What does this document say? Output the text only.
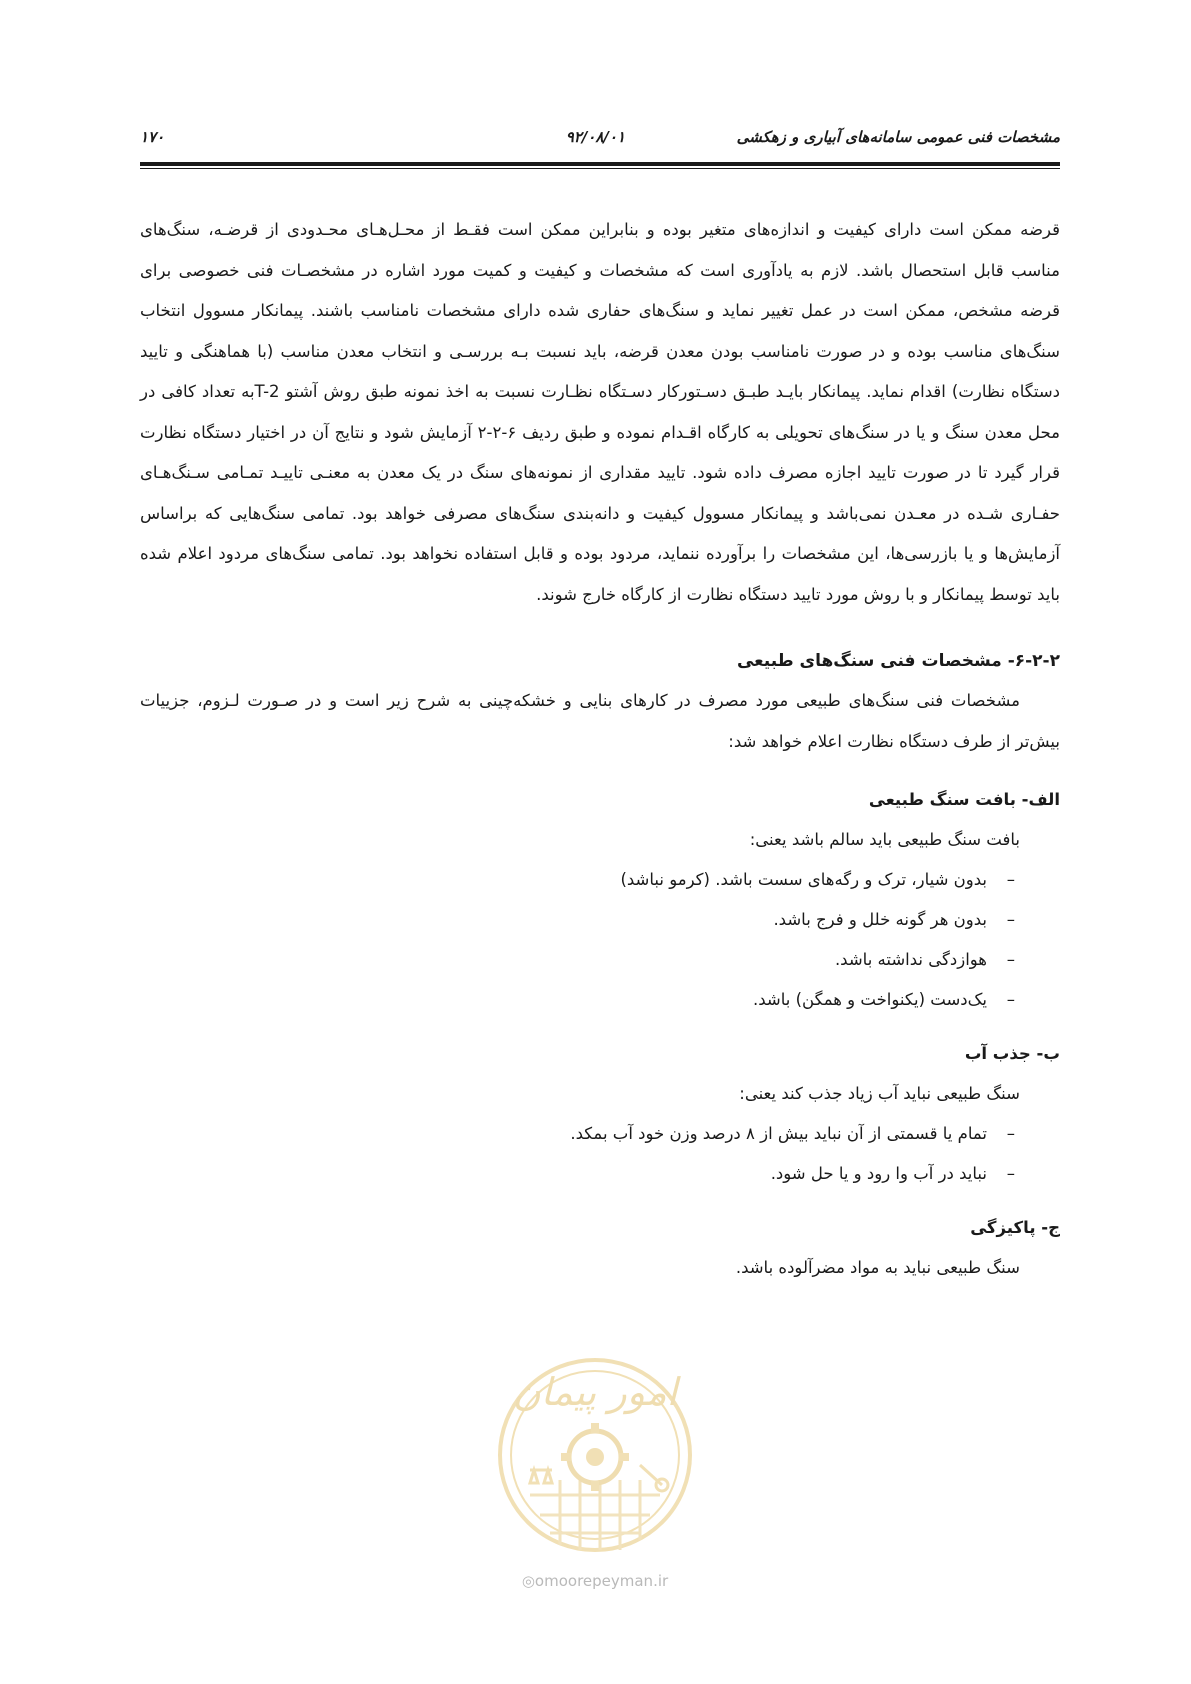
مشخصات فنی عمومی سامانه‌های آبیاری و زهکشی
۹۲/۰۸/۰۱
۱۷۰
قرضه ممکن است دارای کیفیت و اندازه‌های متغیر بوده و بنابراین ممکن است فقـط از محـل‌هـای محـدودی از قرضـه، سنگ‌های مناسب قابل استحصال باشد. لازم به یادآوری است که مشخصات و کیفیت و کمیت مورد اشاره در مشخصـات فنی خصوصی برای قرضه مشخص، ممکن است در عمل تغییر نماید و سنگ‌های حفاری شده دارای مشخصات نامناسب باشند. پیمانکار مسوول انتخاب سنگ‌های مناسب بوده و در صورت نامناسب بودن معدن قرضه، باید نسبت بـه بررسـی و انتخاب معدن مناسب (با هماهنگی و تایید دستگاه نظارت) اقدام نماید. پیمانکار بایـد طبـق دسـتورکار دسـتگاه نظـارت نسبت به اخذ نمونه طبق روش آشتو T-2به تعداد کافی در محل معدن سنگ و یا در سنگ‌های تحویلی به کارگاه اقـدام نموده و طبق ردیف ۶-۲-۲ آزمایش شود و نتایج آن در اختیار دستگاه نظارت قرار گیرد تا در صورت تایید اجازه مصرف داده شود. تایید مقداری از نمونه‌های سنگ در یک معدن به معنـی تاییـد تمـامی سـنگ‌هـای حفـاری شـده در معـدن نمی‌باشد و پیمانکار مسوول کیفیت و دانه‌بندی سنگ‌های مصرفی خواهد بود. تمامی سنگ‌هایی که براساس آزمایش‌ها و یا بازرسی‌ها، این مشخصات را برآورده ننماید، مردود بوده و قابل استفاده نخواهد بود. تمامی سنگ‌های مردود اعلام شده باید توسط پیمانکار و با روش مورد تایید دستگاه نظارت از کارگاه خارج شوند.
۶-۲-۲- مشخصات فنی سنگ‌های طبیعی
مشخصات فنی سنگ‌های طبیعی مورد مصرف در کارهای بنایی و خشکه‌چینی به شرح زیر است و در صـورت لـزوم، جزییات بیش‌تر از طرف دستگاه نظارت اعلام خواهد شد:
الف- بافت سنگ طبیعی
بافت سنگ طبیعی باید سالم باشد یعنی:
–
بدون شیار، ترک و رگه‌های سست باشد. (کرمو نباشد)
–
بدون هر گونه خلل و فرج باشد.
–
هوازدگی نداشته باشد.
–
یک‌دست (یکنواخت و همگن) باشد.
ب- جذب آب
سنگ طبیعی نباید آب زیاد جذب کند یعنی:
–
تمام یا قسمتی از آن نباید بیش از ۸ درصد وزن خود آب بمکد.
–
نباید در آب وا رود و یا حل شود.
ج- پاکیزگی
سنگ طبیعی نباید به مواد مضرآلوده باشد.
امور پیمان
◎omoorepeyman.ir
